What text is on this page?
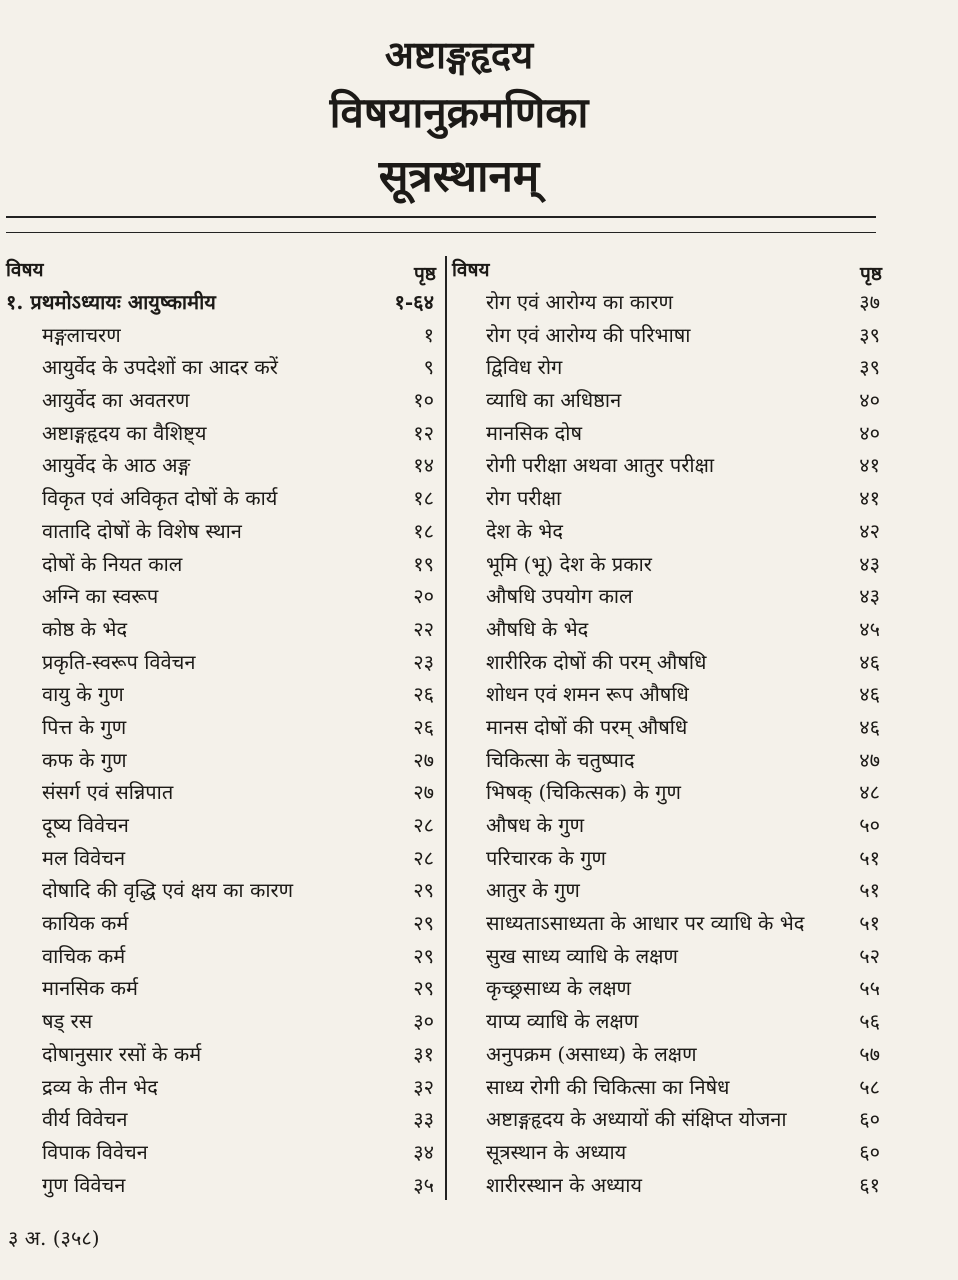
अष्टाङ्गहृदय
विषयानुक्रमणिका
सूत्रस्थानम्
विषय	पृष्ठ
१. प्रथमोऽध्यायः आयुष्कामीय	१-६४
मङ्गलाचरण	१
आयुर्वेद के उपदेशों का आदर करें	९
आयुर्वेद का अवतरण	१०
अष्टाङ्गहृदय का वैशिष्ट्य	१२
आयुर्वेद के आठ अङ्ग	१४
विकृत एवं अविकृत दोषों के कार्य	१८
वातादि दोषों के विशेष स्थान	१८
दोषों के नियत काल	१९
अग्नि का स्वरूप	२०
कोष्ठ के भेद	२२
प्रकृति-स्वरूप विवेचन	२३
वायु के गुण	२६
पित्त के गुण	२६
कफ के गुण	२७
संसर्ग एवं सन्निपात	२७
दूष्य विवेचन	२८
मल विवेचन	२८
दोषादि की वृद्धि एवं क्षय का कारण	२९
कायिक कर्म	२९
वाचिक कर्म	२९
मानसिक कर्म	२९
षड् रस	३०
दोषानुसार रसों के कर्म	३१
द्रव्य के तीन भेद	३२
वीर्य विवेचन	३३
विपाक विवेचन	३४
गुण विवेचन	३५
विषय	पृष्ठ
रोग एवं आरोग्य का कारण	३७
रोग एवं आरोग्य की परिभाषा	३९
द्विविध रोग	३९
व्याधि का अधिष्ठान	४०
मानसिक दोष	४०
रोगी परीक्षा अथवा आतुर परीक्षा	४१
रोग परीक्षा	४१
देश के भेद	४२
भूमि (भू) देश के प्रकार	४३
औषधि उपयोग काल	४३
औषधि के भेद	४५
शारीरिक दोषों की परम् औषधि	४६
शोधन एवं शमन रूप औषधि	४६
मानस दोषों की परम् औषधि	४६
चिकित्सा के चतुष्पाद	४७
भिषक् (चिकित्सक) के गुण	४८
औषध के गुण	५०
परिचारक के गुण	५१
आतुर के गुण	५१
साध्यताऽसाध्यता के आधार पर व्याधि के भेद	५१
सुख साध्य व्याधि के लक्षण	५२
कृच्छ्रसाध्य के लक्षण	५५
याप्य व्याधि के लक्षण	५६
अनुपक्रम (असाध्य) के लक्षण	५७
साध्य रोगी की चिकित्सा का निषेध	५८
अष्टाङ्गहृदय के अध्यायों की संक्षिप्त योजना	६०
सूत्रस्थान के अध्याय	६०
शारीरस्थान के अध्याय	६१
३ अ. (३५८)
